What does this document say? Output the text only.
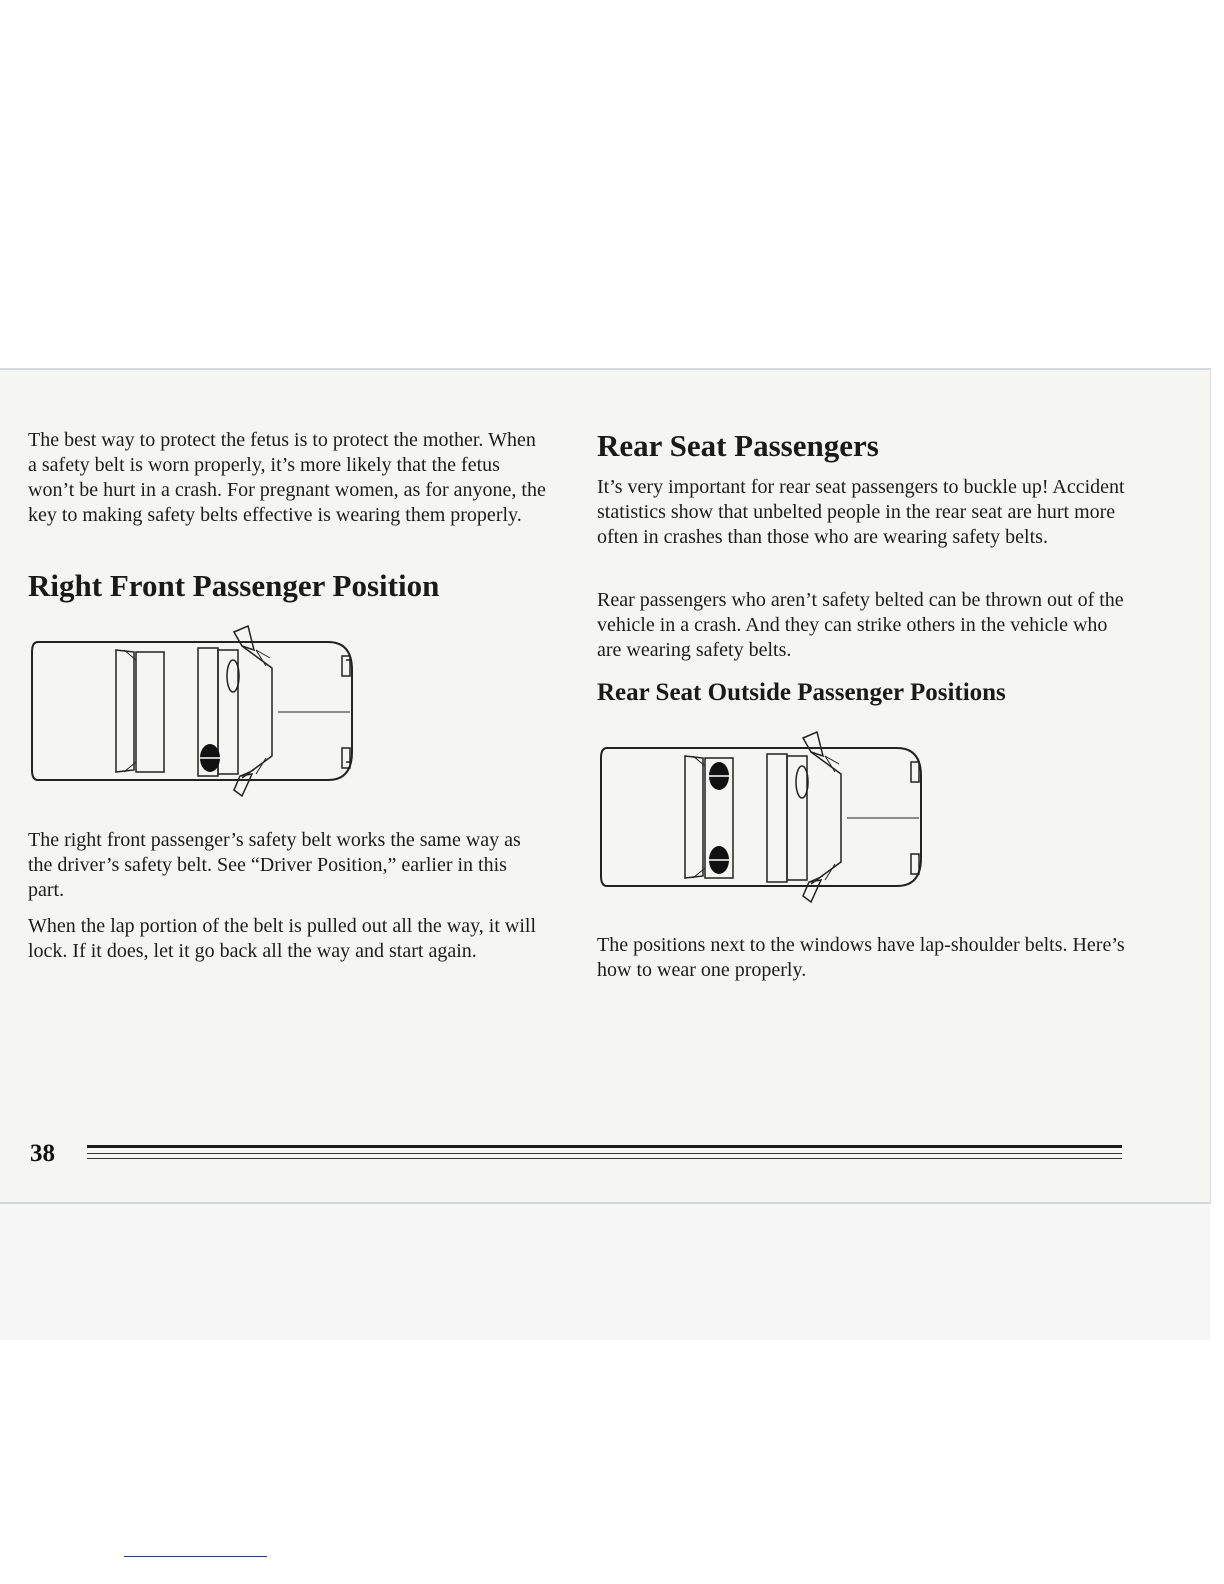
The best way to protect the fetus is to protect the mother. When a safety belt is worn properly, it’s more likely that the fetus won’t be hurt in a crash. For pregnant women, as for anyone, the key to making safety belts effective is wearing them properly.

Right Front Passenger Position

The right front passenger’s safety belt works the same way as the driver’s safety belt. See “Driver Position,” earlier in this part.

When the lap portion of the belt is pulled out all the way, it will lock. If it does, let it go back all the way and start again.

Rear Seat Passengers

It’s very important for rear seat passengers to buckle up! Accident statistics show that unbelted people in the rear seat are hurt more often in crashes than those who are wearing safety belts.

Rear passengers who aren’t safety belted can be thrown out of the vehicle in a crash. And they can strike others in the vehicle who are wearing safety belts.

Rear Seat Outside Passenger Positions

The positions next to the windows have lap-shoulder belts. Here’s how to wear one properly.

38
